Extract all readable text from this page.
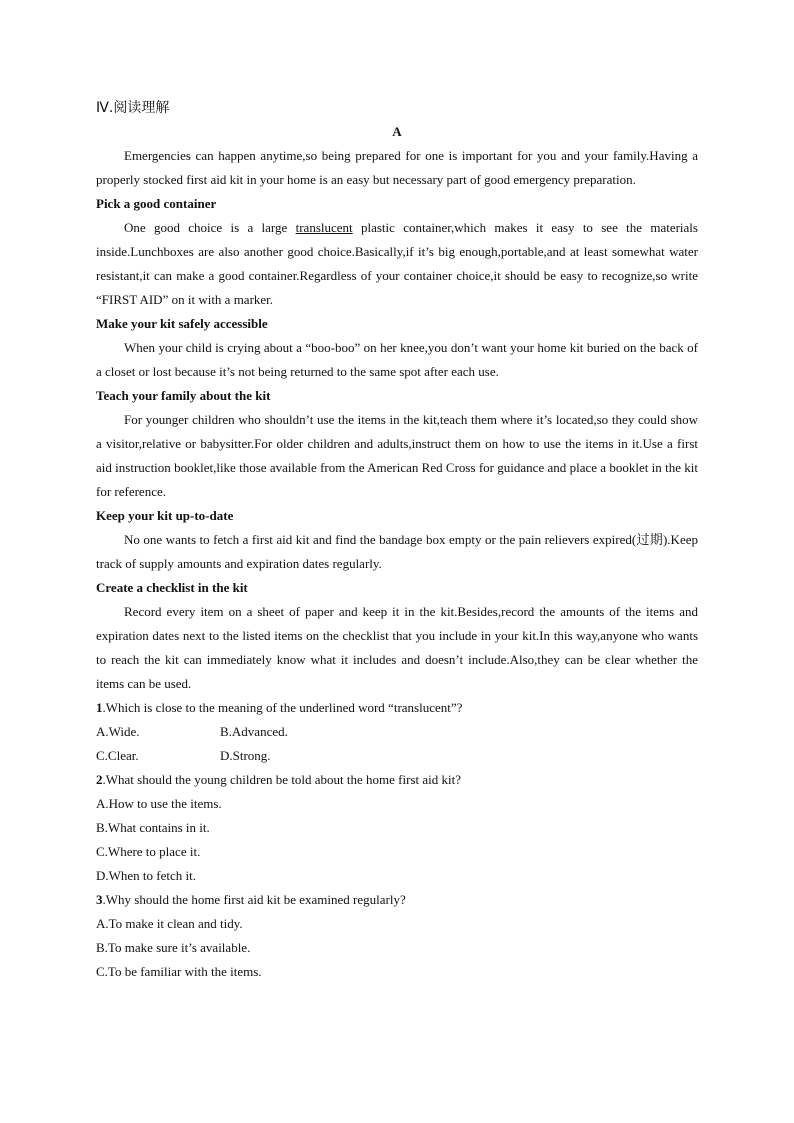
Ⅳ.阅读理解

A

Emergencies can happen anytime,so being prepared for one is important for you and your family.Having a properly stocked first aid kit in your home is an easy but necessary part of good emergency preparation.

Pick a good container

One good choice is a large translucent plastic container,which makes it easy to see the materials inside.Lunchboxes are also another good choice.Basically,if it’s big enough,portable,and at least somewhat water resistant,it can make a good container.Regardless of your container choice,it should be easy to recognize,so write “FIRST AID” on it with a marker.

Make your kit safely accessible

When your child is crying about a “boo-boo” on her knee,you don’t want your home kit buried on the back of a closet or lost because it’s not being returned to the same spot after each use.

Teach your family about the kit

For younger children who shouldn’t use the items in the kit,teach them where it’s located,so they could show a visitor,relative or babysitter.For older children and adults,instruct them on how to use the items in it.Use a first aid instruction booklet,like those available from the American Red Cross for guidance and place a booklet in the kit for reference.

Keep your kit up-to-date

No one wants to fetch a first aid kit and find the bandage box empty or the pain relievers expired(过期).Keep track of supply amounts and expiration dates regularly.

Create a checklist in the kit

Record every item on a sheet of paper and keep it in the kit.Besides,record the amounts of the items and expiration dates next to the listed items on the checklist that you include in your kit.In this way,anyone who wants to reach the kit can immediately know what it includes and doesn’t include.Also,they can be clear whether the items can be used.

1.Which is close to the meaning of the underlined word “translucent”?

A.Wide.	B.Advanced.

C.Clear.	D.Strong.

2.What should the young children be told about the home first aid kit?

A.How to use the items.

B.What contains in it.

C.Where to place it.

D.When to fetch it.

3.Why should the home first aid kit be examined regularly?

A.To make it clean and tidy.

B.To make sure it’s available.

C.To be familiar with the items.
